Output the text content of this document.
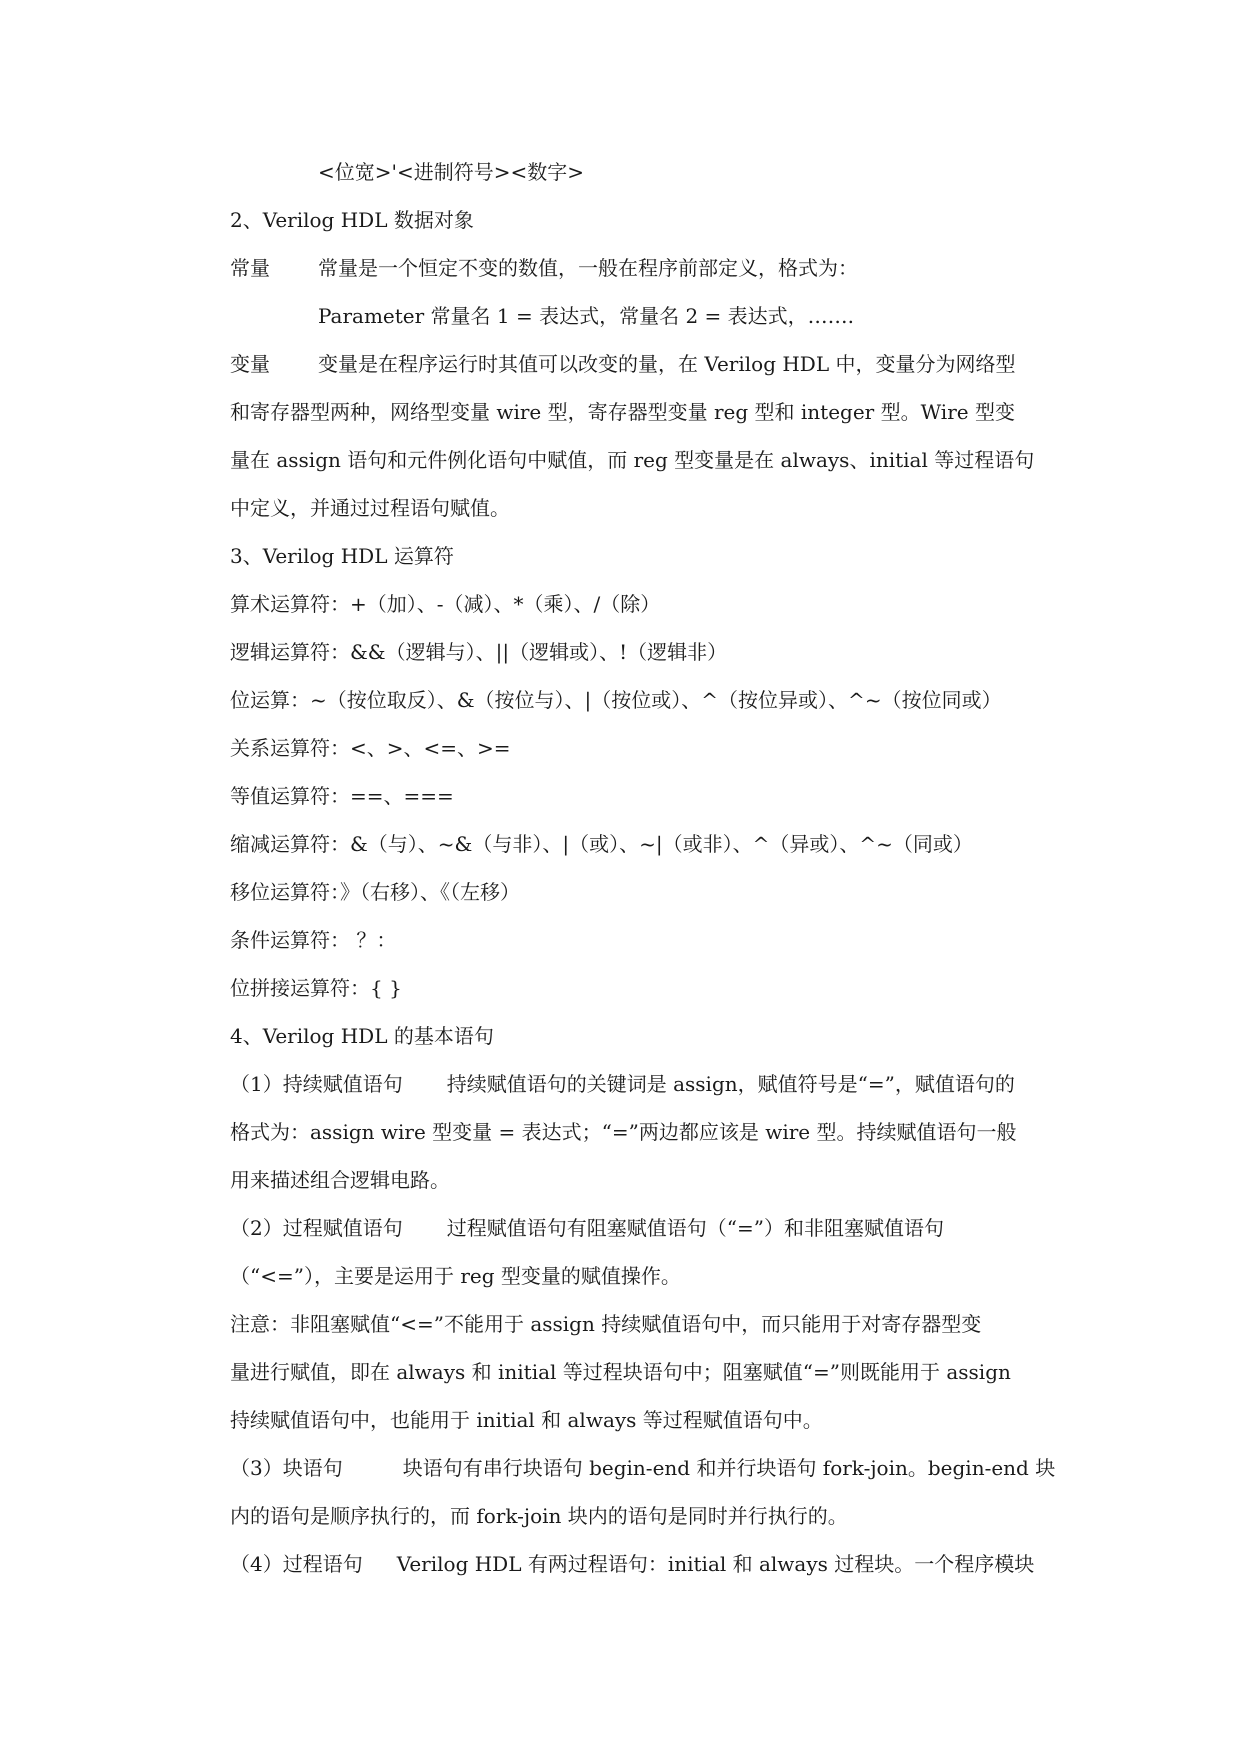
<位宽>'<进制符号><数字>
2、Verilog HDL 数据对象
常量 常量是一个恒定不变的数值，一般在程序前部定义，格式为：
Parameter 常量名 1 = 表达式，常量名 2 = 表达式，…….
变量 变量是在程序运行时其值可以改变的量，在 Verilog HDL 中，变量分为网络型
和寄存器型两种，网络型变量 wire 型，寄存器型变量 reg 型和 integer 型。Wire 型变
量在 assign 语句和元件例化语句中赋值，而 reg 型变量是在 always、initial 等过程语句
中定义，并通过过程语句赋值。
3、Verilog HDL 运算符
算术运算符：+（加）、-（减）、*（乘）、/（除）
逻辑运算符：&&（逻辑与）、||（逻辑或）、!（逻辑非）
位运算：~（按位取反）、&（按位与）、|（按位或）、^（按位异或）、^~（按位同或）
关系运算符：<、>、<=、>=
等值运算符：==、===
缩减运算符：&（与）、~&（与非）、|（或）、~|（或非）、^（异或）、^~（同或）
移位运算符：》（右移）、《（左移）
条件运算符： ？：
位拼接运算符：{ }
4、Verilog HDL 的基本语句
（1）持续赋值语句 持续赋值语句的关键词是 assign，赋值符号是“=”，赋值语句的
格式为：assign wire 型变量 = 表达式；“=”两边都应该是 wire 型。持续赋值语句一般
用来描述组合逻辑电路。
（2）过程赋值语句 过程赋值语句有阻塞赋值语句（“=”）和非阻塞赋值语句
（“<=”），主要是运用于 reg 型变量的赋值操作。
注意：非阻塞赋值“<=”不能用于 assign 持续赋值语句中，而只能用于对寄存器型变
量进行赋值，即在 always 和 initial 等过程块语句中；阻塞赋值“=”则既能用于 assign
持续赋值语句中，也能用于 initial 和 always 等过程赋值语句中。
（3）块语句	块语句有串行块语句 begin-end 和并行块语句 fork-join。begin-end 块
内的语句是顺序执行的，而 fork-join 块内的语句是同时并行执行的。
（4）过程语句 Verilog HDL 有两过程语句：initial 和 always 过程块。一个程序模块
